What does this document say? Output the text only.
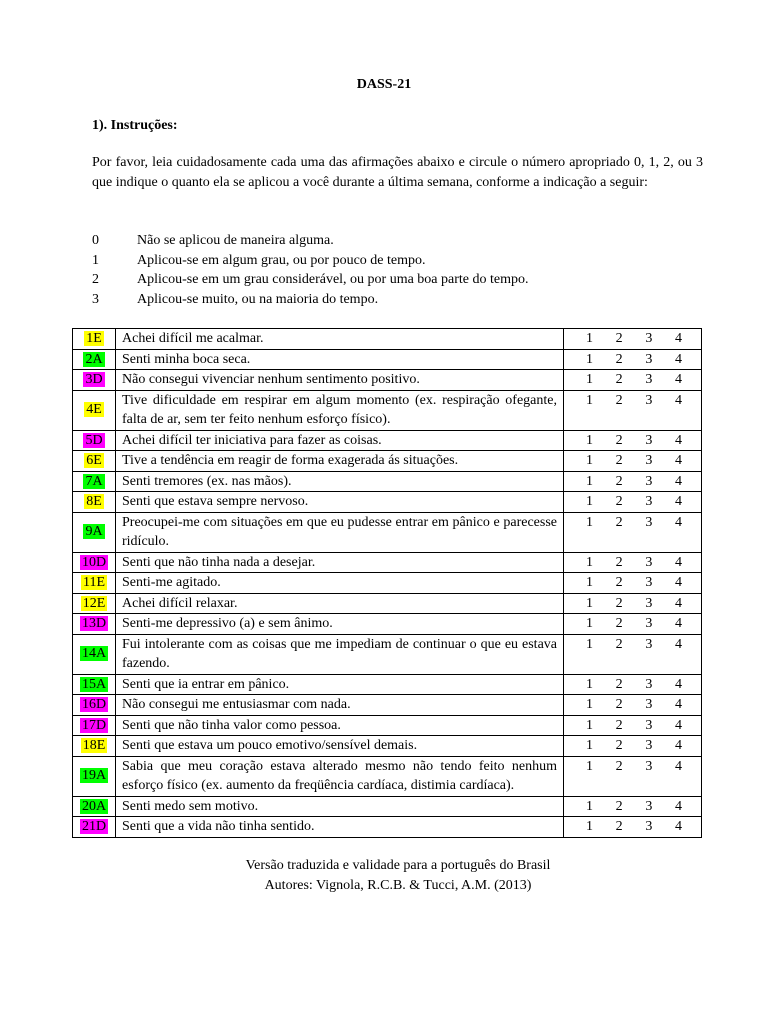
DASS-21
1). Instruções:
Por favor, leia cuidadosamente cada uma das afirmações abaixo e circule o número apropriado 0, 1, 2, ou 3 que indique o quanto ela se aplicou a você durante a última semana, conforme a indicação a seguir:
0	Não se aplicou de maneira alguma.
1	Aplicou-se em algum grau, ou por pouco de tempo.
2	Aplicou-se em um grau considerável, ou por uma boa parte do tempo.
3	Aplicou-se muito, ou na maioria do tempo.
1E	Achei difícil me acalmar.	1 2 3 4

2A	Senti minha boca seca.	1 2 3 4

3D	Não consegui vivenciar nenhum sentimento positivo.	1 2 3 4

4E	Tive dificuldade em respirar em algum momento (ex. respiração ofegante, falta de ar, sem ter feito nenhum esforço físico).	1 2 3 4

5D	Achei difícil ter iniciativa para fazer as coisas.	1 2 3 4

6E	Tive a tendência em reagir de forma exagerada ás situações.	1 2 3 4

7A	Senti tremores (ex. nas mãos).	1 2 3 4

8E	Senti que estava sempre nervoso.	1 2 3 4

9A	Preocupei-me com situações em que eu pudesse entrar em pânico e parecesse ridículo.	1 2 3 4

10D	Senti que não tinha nada a desejar.	1 2 3 4

11E	Senti-me agitado.	1 2 3 4

12E	Achei difícil relaxar.	1 2 3 4

13D	Senti-me depressivo (a) e sem ânimo.	1 2 3 4

14A	Fui intolerante com as coisas que me impediam de continuar o que eu estava fazendo.	1 2 3 4

15A	Senti que ia entrar em pânico.	1 2 3 4

16D	Não consegui me entusiasmar com nada.	1 2 3 4

17D	Senti que não tinha valor como pessoa.	1 2 3 4

18E	Senti que estava um pouco emotivo/sensível demais.	1 2 3 4

19A	Sabia que meu coração estava alterado mesmo não tendo feito nenhum esforço físico (ex. aumento da freqüência cardíaca, distimia cardíaca).	1 2 3 4

20A	Senti medo sem motivo.	1 2 3 4

21D	Senti que a vida não tinha sentido.	1 2 3 4
Versão traduzida e validade para a português do Brasil
Autores: Vignola, R.C.B. & Tucci, A.M. (2013)
